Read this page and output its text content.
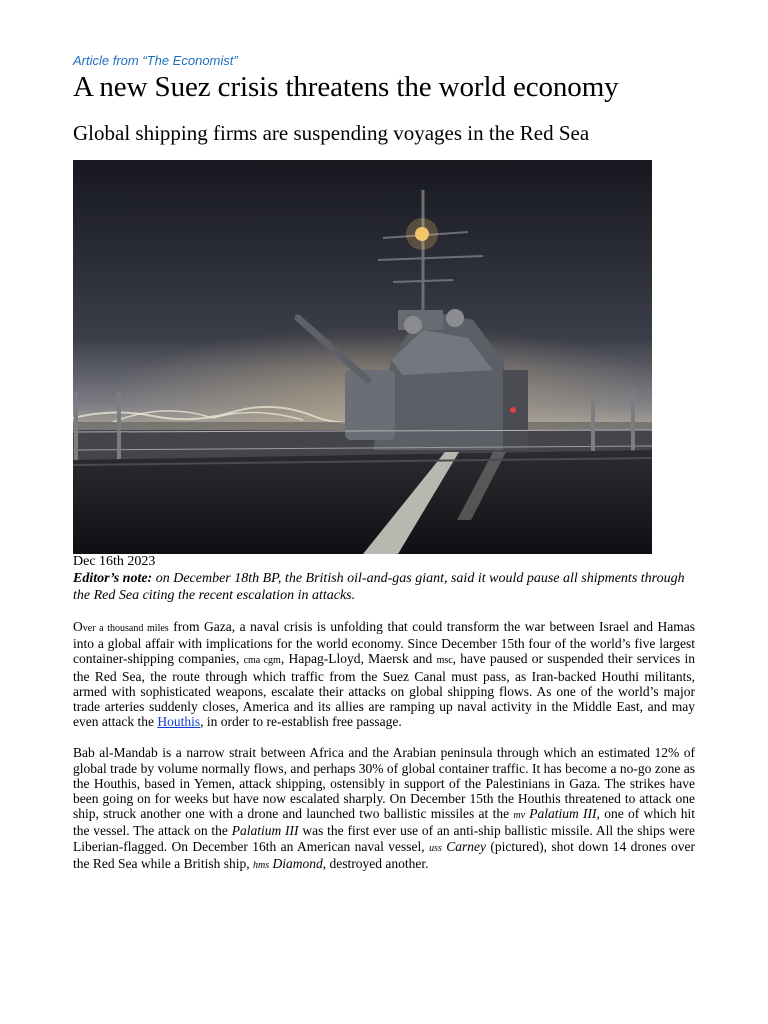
Article from “The Economist”

A new Suez crisis threatens the world economy
Global shipping firms are suspending voyages in the Red Sea

Dec 16th 2023

Editor’s note: on December 18th BP, the British oil-and-gas giant, said it would pause all shipments through the Red Sea citing the recent escalation in attacks.

Over a thousand miles from Gaza, a naval crisis is unfolding that could transform the war between Israel and Hamas into a global affair with implications for the world economy. Since December 15th four of the world’s five largest container-shipping companies, cma cgm, Hapag-Lloyd, Maersk and msc, have paused or suspended their services in the Red Sea, the route through which traffic from the Suez Canal must pass, as Iran-backed Houthi militants, armed with sophisticated weapons, escalate their attacks on global shipping flows. As one of the world’s major trade arteries suddenly closes, America and its allies are ramping up naval activity in the Middle East, and may even attack the Houthis, in order to re-establish free passage.

Bab al-Mandab is a narrow strait between Africa and the Arabian peninsula through which an estimated 12% of global trade by volume normally flows, and perhaps 30% of global container traffic. It has become a no-go zone as the Houthis, based in Yemen, attack shipping, ostensibly in support of the Palestinians in Gaza. The strikes have been going on for weeks but have now escalated sharply. On December 15th the Houthis threatened to attack one ship, struck another one with a drone and launched two ballistic missiles at the mv Palatium III, one of which hit the vessel. The attack on the Palatium III was the first ever use of an anti-ship ballistic missile. All the ships were Liberian-flagged. On December 16th an American naval vessel, uss Carney (pictured), shot down 14 drones over the Red Sea while a British ship, hms Diamond, destroyed another.
